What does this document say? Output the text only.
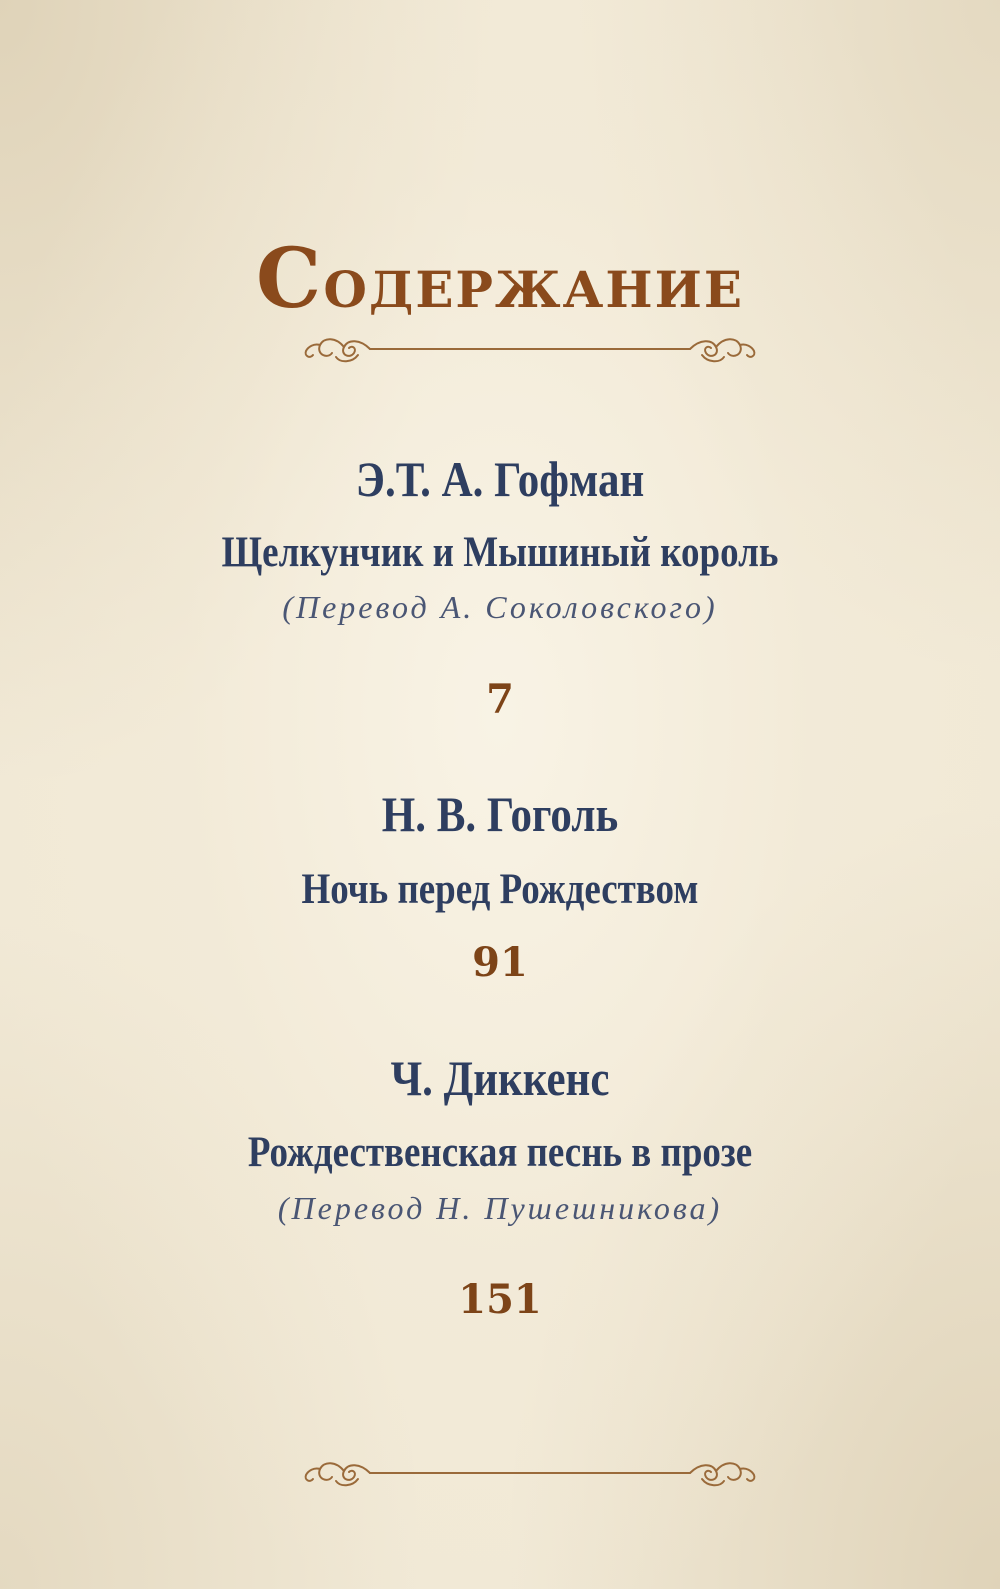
Содержание
Э.Т. А. Гофман
Щелкунчик и Мышиный король
(Перевод А. Соколовского)
7
Н. В. Гоголь
Ночь перед Рождеством
91
Ч. Диккенс
Рождественская песнь в прозе
(Перевод Н. Пушешникова)
151
